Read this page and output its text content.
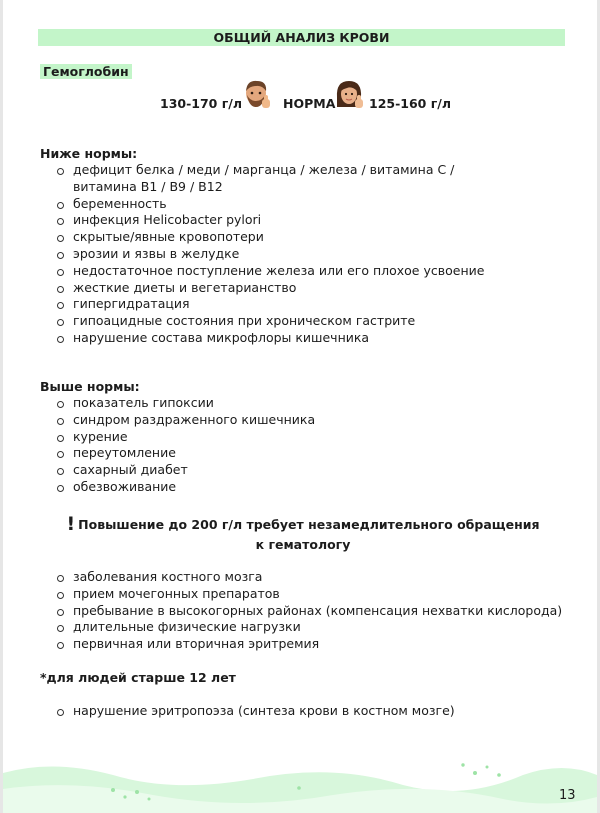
ОБЩИЙ АНАЛИЗ КРОВИ
Гемоглобин
130-170 г/л	НОРМА	125-160 г/л
Ниже нормы:
дефицит белка / меди / марганца / железа / витамина С / витамина В1 / В9 / В12
беременность
инфекция Helicobacter pylori
скрытые/явные кровопотери
эрозии и язвы в желудке
недостаточное поступление железа или его плохое усвоение
жесткие диеты и вегетарианство
гипергидратация
гипоацидные состояния при хроническом гастрите
нарушение состава микрофлоры кишечника
Выше нормы:
показатель гипоксии
синдром раздраженного кишечника
курение
переутомление
сахарный диабет
обезвоживание
! Повышение до 200 г/л требует незамедлительного обращения
к гематологу
заболевания костного мозга
прием мочегонных препаратов
пребывание в высокогорных районах (компенсация нехватки кислорода)
длительные физические нагрузки
первичная или вторичная эритремия
*для людей старше 12 лет
нарушение эритропоэза (синтеза крови в костном мозге)
13
